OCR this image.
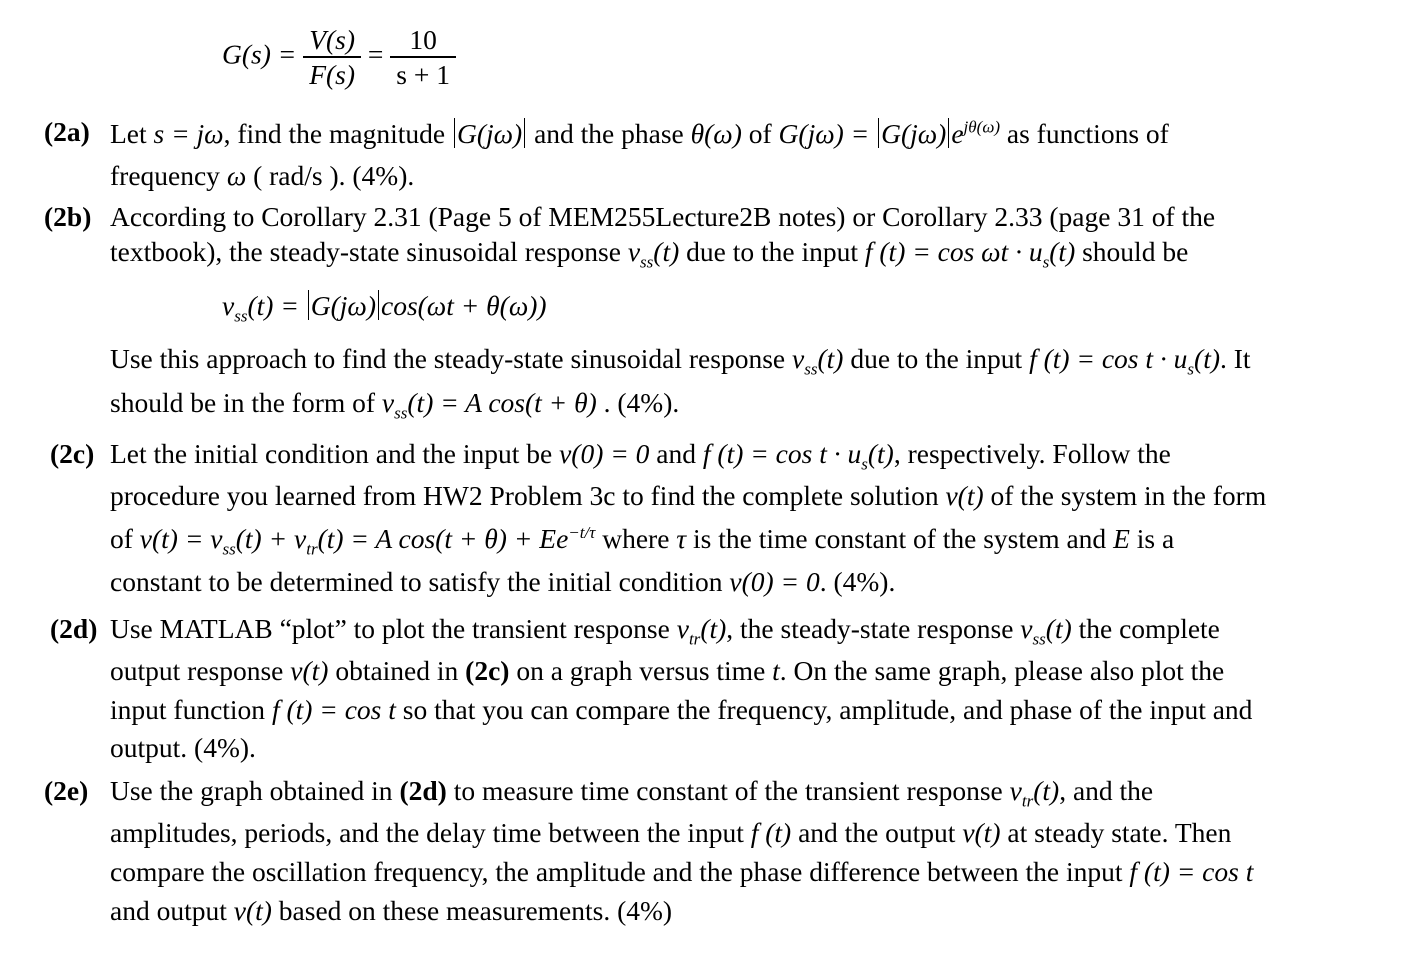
$G(s) = \frac{V(s)}{F(s)} = \frac{10}{s + 1}$
(2a) Let s = jω, find the magnitude G(jω) and the phase θ(ω) of G(jω) = G(jω) $e^{j\theta(\omega)}$ as functions of
frequency ω ( rad/s ). (4%).
(2b) According to Corollary 2.31 (Page 5 of MEM255Lecture2B notes) or Corollary 2.33 (page 31 of the
textbook), the steady-state sinusoidal response $v_{ss}(t)$ due to the input f $(t) = \cos \omega t \cdot u_s(t)$ should be
$v_{ss}(t) = G(j\omega) \cos(\omega t + \theta(\omega))$
Use this approach to find the steady-state sinusoidal response $v_{ss}(t)$ due to the input f $(t) = \cos t \cdot u_s(t)$. It
should be in the form of $v_{ss}(t) = A$ cos(t + θ) . (4%).
(2c) Let the initial condition and the input be v(0) = 0 and f $(t) = \cos t \cdot u_s(t)$, respectively. Follow the
procedure you learned from HW2 Problem 3c to find the complete solution v(t) of the system in the form
of $v(t) = v_{ss}(t) + v_{tr}(t) = A$ $\cos(t + \theta) + Ee^{-t/\tau}$ where τ is the time constant of the system and E is a
constant to be determined to satisfy the initial condition v(0) = 0. (4%).
(2d) Use MATLAB “plot” to plot the transient response $v_{tr}(t)$, the steady-state response $v_{ss}(t)$ the complete
output response v(t) obtained in (2c) on a graph versus time t. On the same graph, please also plot the
input function f (t) = cos t so that you can compare the frequency, amplitude, and phase of the input and
output. (4%).
(2e) Use the graph obtained in (2d) to measure time constant of the transient response $v_{tr}(t)$, and the
amplitudes, periods, and the delay time between the input f (t) and the output v(t) at steady state. Then
compare the oscillation frequency, the amplitude and the phase difference between the input f (t) = cos t
and output v(t) based on these measurements. (4%)
